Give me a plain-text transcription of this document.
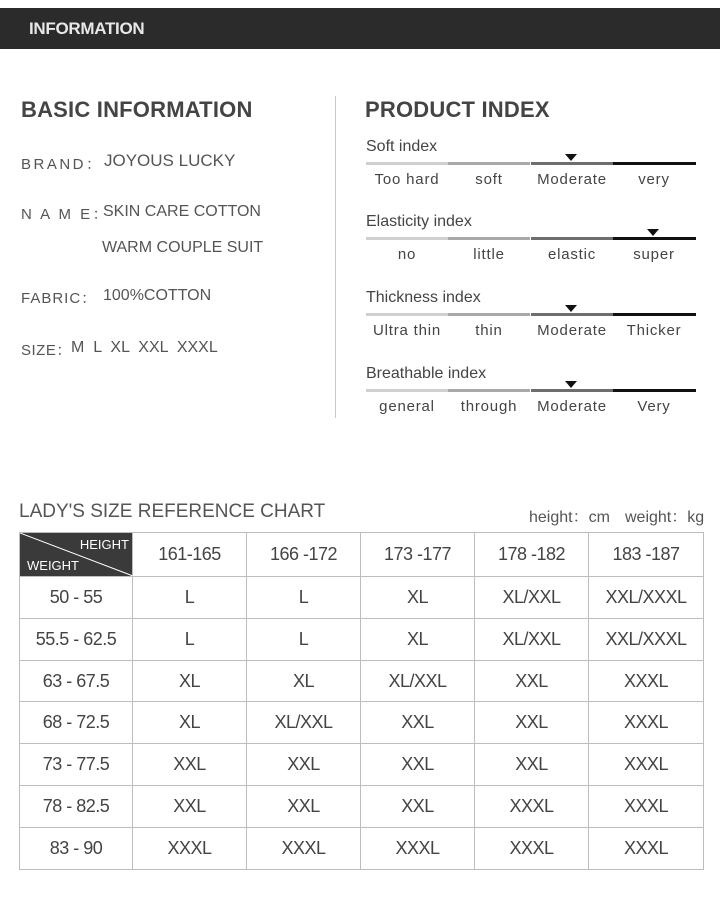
INFORMATION
BASIC INFORMATION
BRAND： JOYOUS LUCKY
N A M E：
SKIN CARE COTTON
WARM COUPLE SUIT
FABRIC： 100%COTTON
SIZE： M  L  XL  XXL  XXXL
PRODUCT INDEX
Soft index
Too hard	soft	Moderate	very
Elasticity index
no	little	elastic	super
Thickness index
Ultra thin	thin	Moderate	Thicker
Breathable index
general	through	Moderate	Very
LADY'S SIZE REFERENCE CHART	height：cm weight：kg
HEIGHT
WEIGHT	161-165	166 -172	173 -177	178 -182	183 -187
50 - 55	L	L	XL	XL/XXL	XXL/XXXL
55.5 - 62.5	L	L	XL	XL/XXL	XXL/XXXL
63 - 67.5	XL	XL	XL/XXL	XXL	XXXL
68 - 72.5	XL	XL/XXL	XXL	XXL	XXXL
73 - 77.5	XXL	XXL	XXL	XXL	XXXL
78 - 82.5	XXL	XXL	XXL	XXXL	XXXL
83 - 90	XXXL	XXXL	XXXL	XXXL	XXXL
